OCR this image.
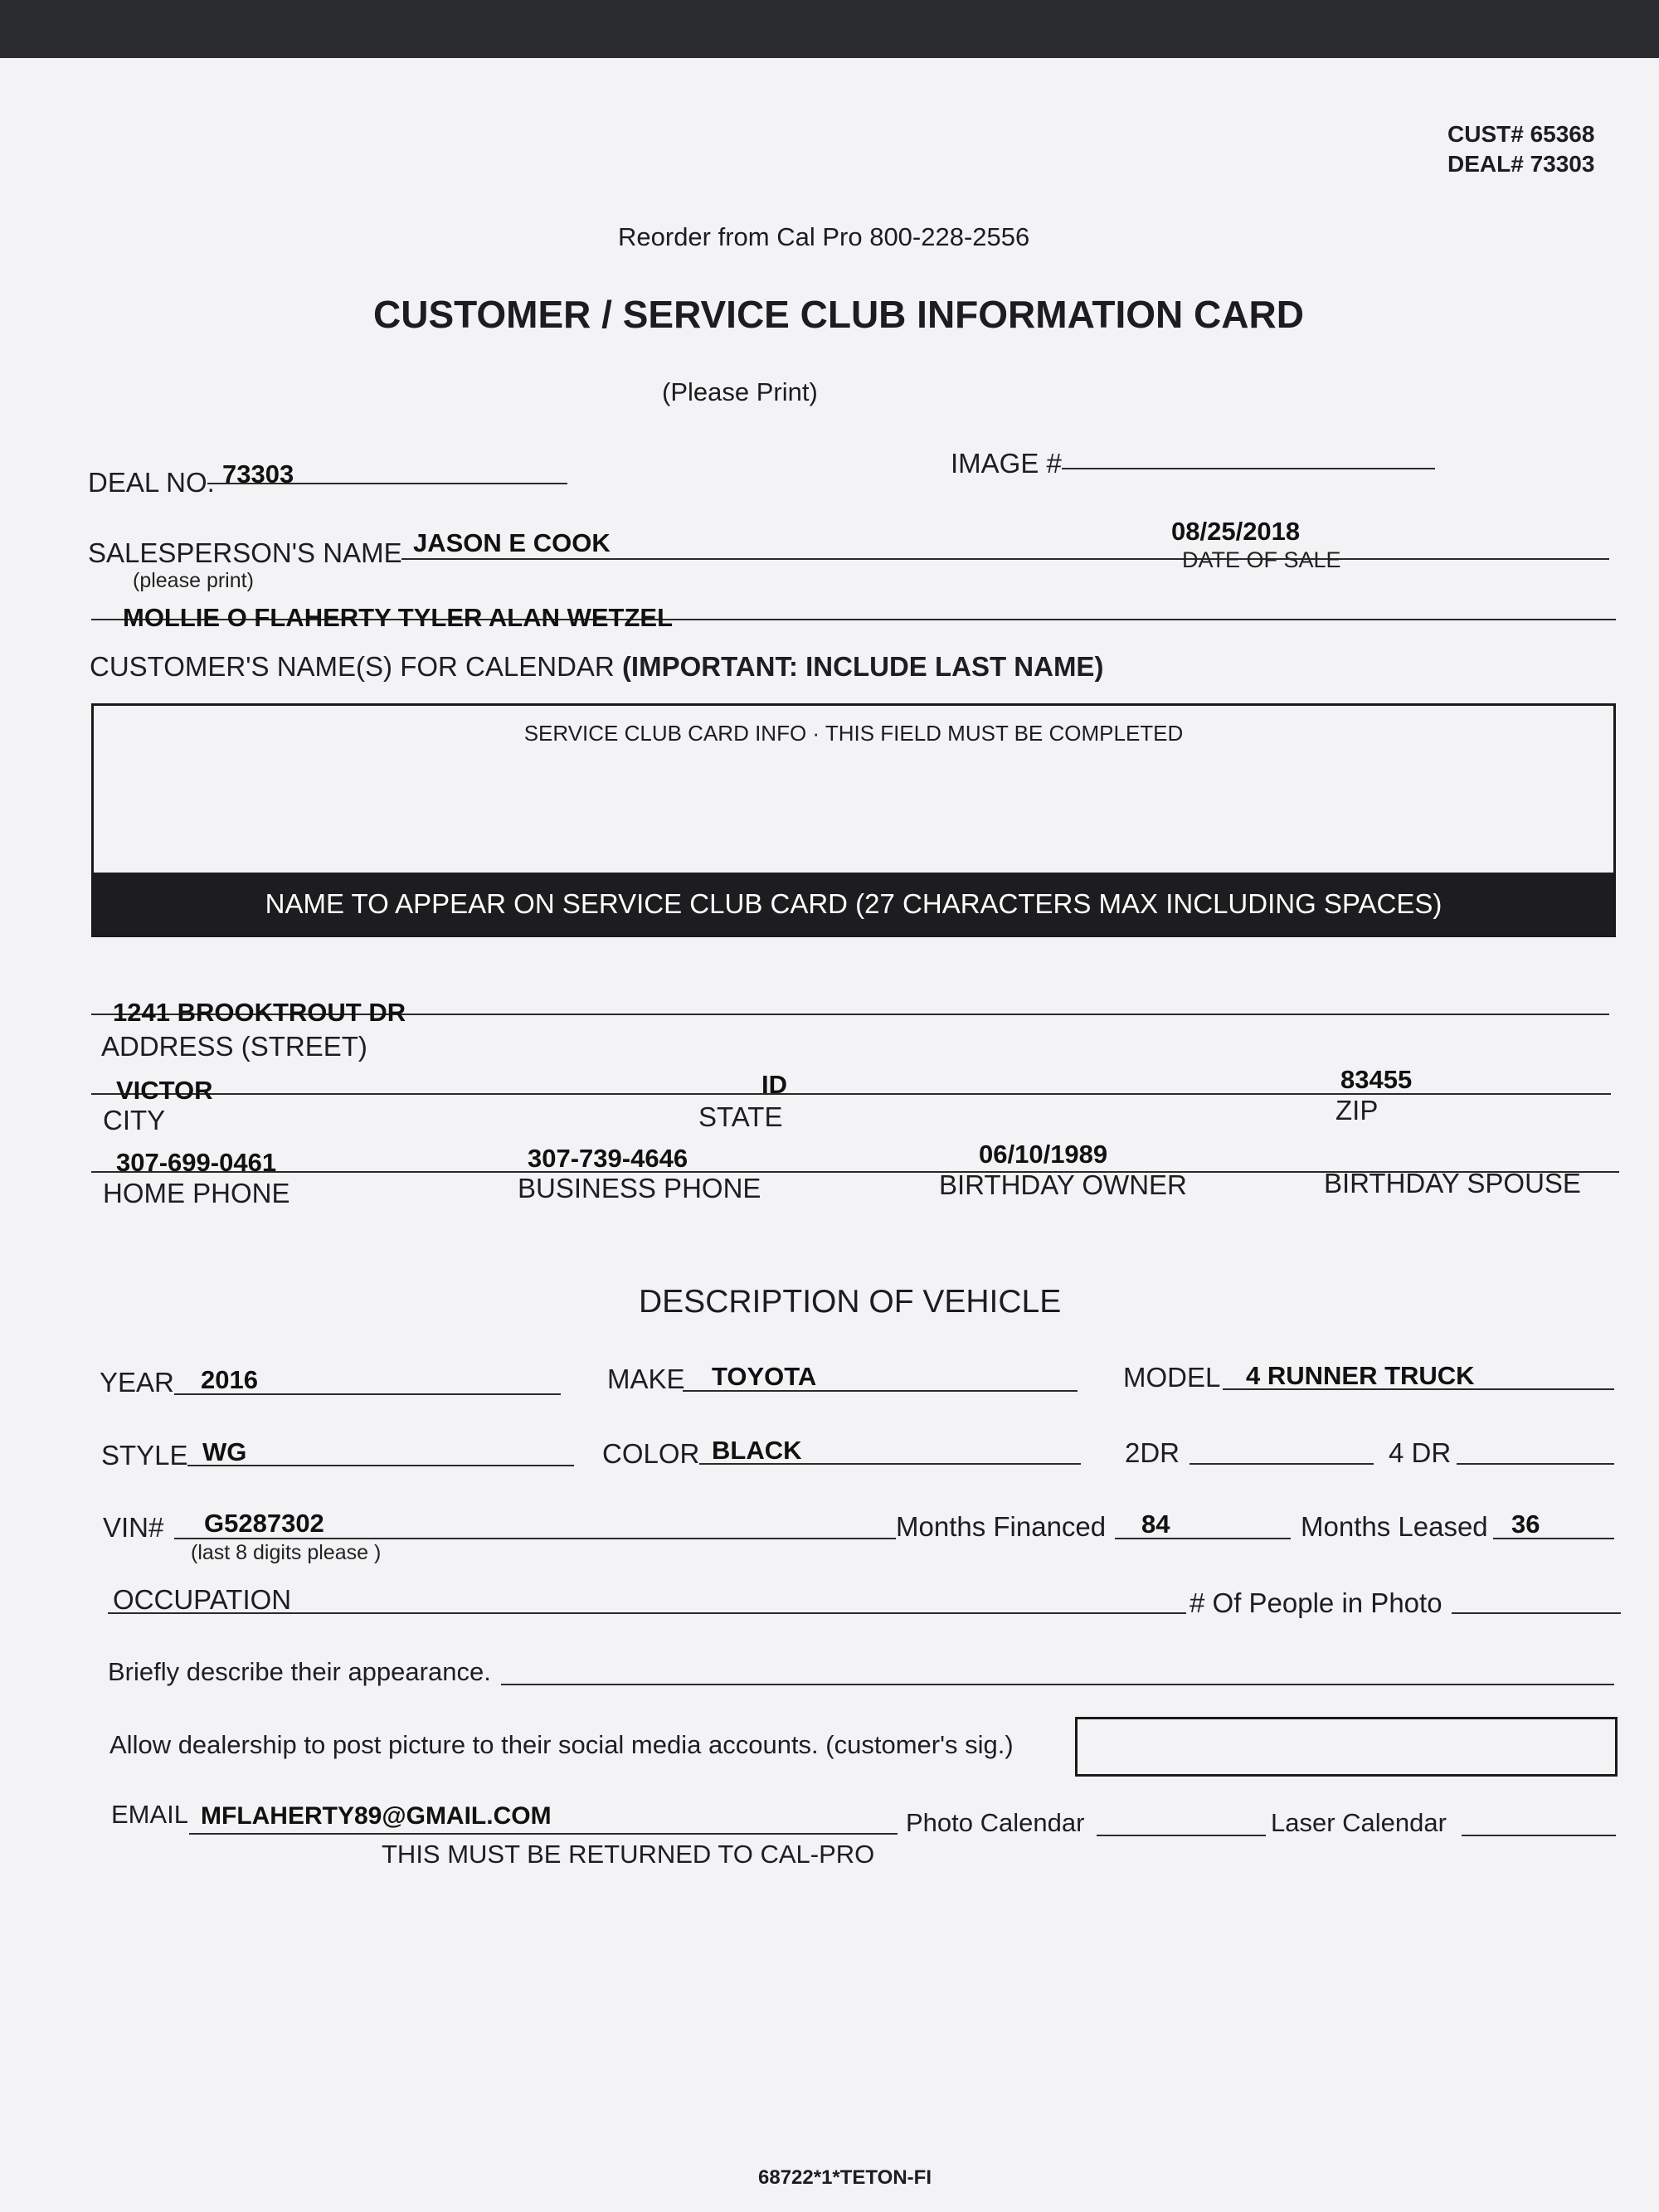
CUST# 65368
DEAL# 73303
Reorder from Cal Pro 800-228-2556
CUSTOMER / SERVICE CLUB INFORMATION CARD
(Please Print)
DEAL NO. 73303	IMAGE #
SALESPERSON'S NAME
(please print)
JASON E COOK	08/25/2018
DATE OF SALE
MOLLIE O FLAHERTY TYLER ALAN WETZEL
CUSTOMER'S NAME(S) FOR CALENDAR (IMPORTANT: INCLUDE LAST NAME)
SERVICE CLUB CARD INFO · THIS FIELD MUST BE COMPLETED
NAME TO APPEAR ON SERVICE CLUB CARD (27 CHARACTERS MAX INCLUDING SPACES)
1241 BROOKTROUT DR
ADDRESS (STREET)
VICTOR
CITY
ID
STATE
83455
ZIP
307-699-0461
HOME PHONE
307-739-4646
BUSINESS PHONE
06/10/1989
BIRTHDAY OWNER	BIRTHDAY SPOUSE
DESCRIPTION OF VEHICLE
YEAR 2016	MAKE TOYOTA	MODEL 4 RUNNER TRUCK
STYLE WG	COLOR BLACK	2DR	4 DR
VIN# G5287302
(last 8 digits please )
Months Financed 84	Months Leased 36
OCCUPATION	# Of People in Photo
Briefly describe their appearance.
Allow dealership to post picture to their social media accounts. (customer's sig.)
EMAIL MFLAHERTY89@GMAIL.COM	Photo Calendar	Laser Calendar
THIS MUST BE RETURNED TO CAL-PRO
68722*1*TETON-FI
